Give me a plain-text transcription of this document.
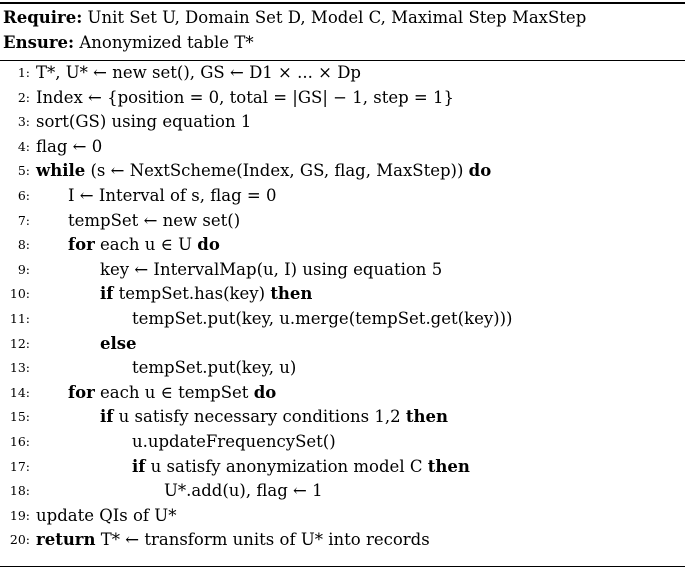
Require: Unit Set U, Domain Set D, Model C, Maximal Step MaxStep
Ensure: Anonymized table T*
1: T*, U* ← new set(), GS ← D1 × ... × Dp
2: Index ← {position = 0, total = |GS| − 1, step = 1}
3: sort(GS) using equation 1
4: flag ← 0
5: while (s ← NextScheme(Index, GS, flag, MaxStep)) do
6: I ← Interval of s, flag = 0
7: tempSet ← new set()
8: for each u ∈ U do
9:	key ← IntervalMap(u, I) using equation 5
10:	if tempSet.has(key) then
11:	tempSet.put(key, u.merge(tempSet.get(key)))
12:	else
13:	tempSet.put(key, u)
14: for each u ∈ tempSet do
15:	if u satisfy necessary conditions 1,2 then
16:	u.updateFrequencySet()
17:	if u satisfy anonymization model C then
18:	U*.add(u), flag ← 1
19: update QIs of U*
20: return T* ← transform units of U* into records
